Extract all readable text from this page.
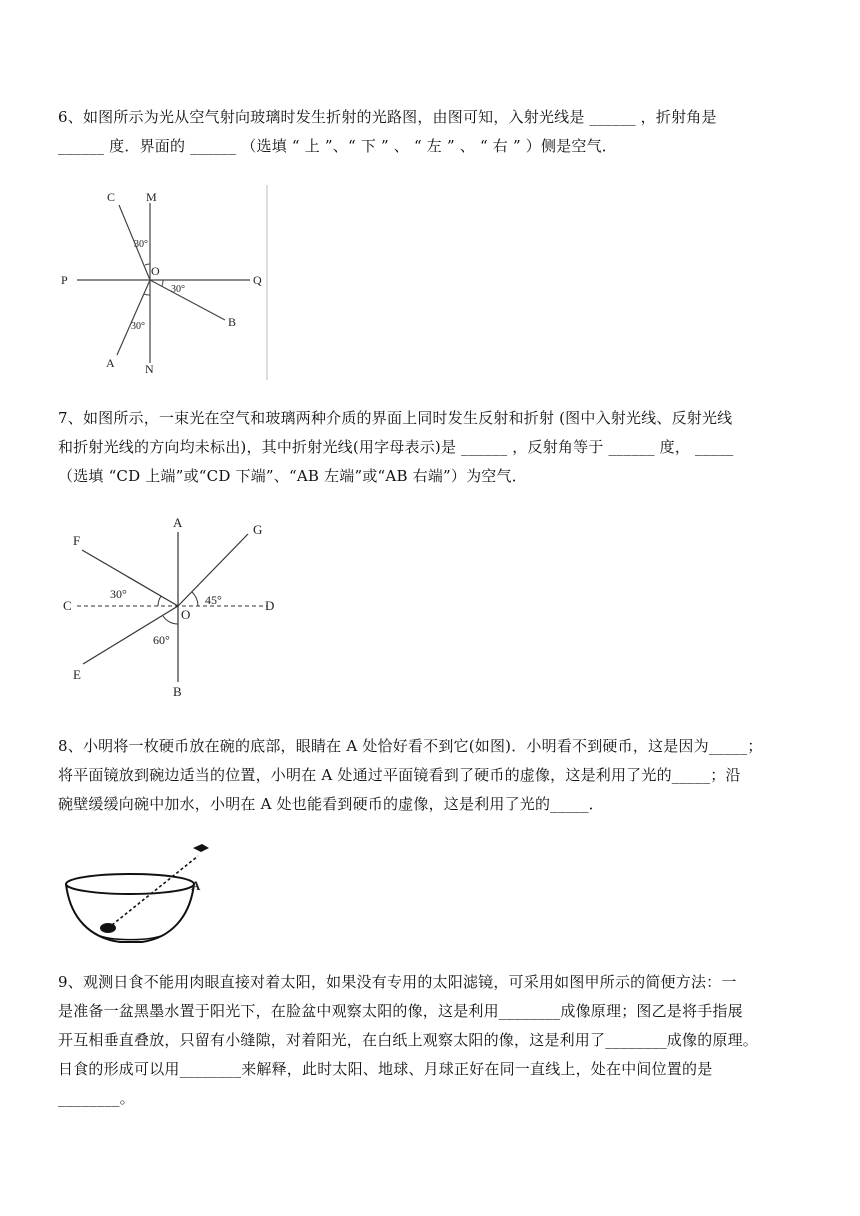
6、如图所示为光从空气射向玻璃时发生折射的光路图，由图可知，入射光线是 ______ ，折射角是
______ 度．界面的 ______ （选填 “ 上 ”、“ 下 ” 、 “ 左 ” 、 “ 右 ” ）侧是空气．
C	M
P
O
Q
B
A	N
30°
30°
30°
7、如图所示，一束光在空气和玻璃两种介质的界面上同时发生反射和折射 (图中入射光线、反射光线
和折射光线的方向均未标出)，其中折射光线(用字母表示)是 ______ ，反射角等于 ______ 度， _____
（选填 “CD 上端”或“CD 下端”、“AB 左端”或“AB 右端”）为空气．
A
F
G
C
O
D
E
B
30°	45°
60°
8、小明将一枚硬币放在碗的底部，眼睛在 A 处恰好看不到它(如图)．小明看不到硬币，这是因为_____；
将平面镜放到碗边适当的位置，小明在 A 处通过平面镜看到了硬币的虚像，这是利用了光的_____；沿
碗壁缓缓向碗中加水，小明在 A 处也能看到硬币的虚像，这是利用了光的_____．
A
9、观测日食不能用肉眼直接对着太阳，如果没有专用的太阳滤镜，可采用如图甲所示的简便方法：一
是准备一盆黑墨水置于阳光下，在脸盆中观察太阳的像，这是利用________成像原理；图乙是将手指展
开互相垂直叠放，只留有小缝隙，对着阳光，在白纸上观察太阳的像，这是利用了________成像的原理。
日食的形成可以用________来解释，此时太阳、地球、月球正好在同一直线上，处在中间位置的是
________。
